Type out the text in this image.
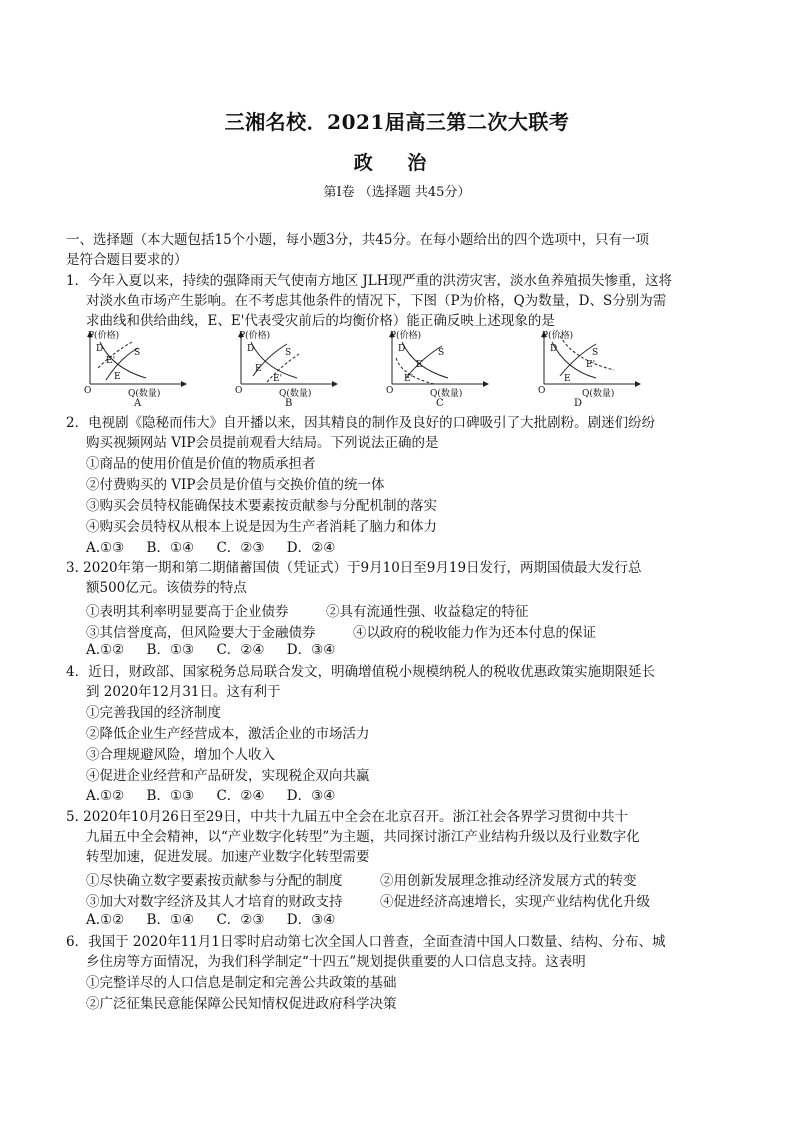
三湘名校．2021届高三第二次大联考
政 治
第Ⅰ卷 （选择题 共45分）
一、选择题（本大题包括15个小题，每小题3分，共45分。在每小题给出的四个选项中，只有一项
是符合题目要求的）
1．今年入夏以来，持续的强降雨天气使南方地区 JLH现严重的洪涝灾害，淡水鱼养殖损失惨重，这将
对淡水鱼市场产生影响。在不考虑其他条件的情况下，下图（P为价格，Q为数量，D、S分别为需
求曲线和供给曲线，E、E'代表受灾前后的均衡价格）能正确反映上述现象的是
P(价格)
D	S
E'
E
O	Q(数量)
A
P(价格)
D	S
E
E'
O	Q(数量)
B
P(价格)
D	S
E
E'
O	Q(数量)
C
D
P(价格)
S
E'
E
O	Q(数量)
D
2．电视剧《隐秘而伟大》自开播以来，因其精良的制作及良好的口碑吸引了大批剧粉。剧迷们纷纷
购买视频网站 VIP会员提前观看大结局。下列说法正确的是
①商品的使用价值是价值的物质承担者
②付费购买的 VIP会员是价值与交换价值的统一体
③购买会员特权能确保技术要素按贡献参与分配机制的落实
④购买会员特权从根本上说是因为生产者消耗了脑力和体力
A.①③ B．①④ C．②③ D．②④
3. 2020年第一期和第二期储蓄国债（凭证式）于9月10日至9月19日发行，两期国债最大发行总
额500亿元。该债券的特点
①表明其利率明显要高于企业债券	②具有流通性强、收益稳定的特征
③其信誉度高，但风险要大于金融债券	④以政府的税收能力作为还本付息的保证
A.①② B．①③ C．②④ D．③④
4．近日，财政部、国家税务总局联合发文，明确增值税小规模纳税人的税收优惠政策实施期限延长
到 2020年12月31日。这有利于
①完善我国的经济制度
②降低企业生产经营成本，激活企业的市场活力
③合理规避风险，增加个人收入
④促进企业经营和产品研发，实现税企双向共赢
A.①② B．①③ C．②④ D．③④
5. 2020年10月26日至29日，中共十九届五中全会在北京召开。浙江社会各界学习贯彻中共十
九届五中全会精神，以“产业数字化转型”为主题，共同探讨浙江产业结构升级以及行业数字化
转型加速，促进发展。加速产业数字化转型需要
①尽快确立数字要素按贡献参与分配的制度	②用创新发展理念推动经济发展方式的转变
③加大对数字经济及其人才培育的财政支持	④促进经济高速增长，实现产业结构优化升级
A.①② B．①④ C．②③ D．③④
6．我国于 2020年11月1日零时启动第七次全国人口普查，全面查清中国人口数量、结构、分布、城
乡住房等方面情况，为我们科学制定“十四五”规划提供重要的人口信息支持。这表明
①完整详尽的人口信息是制定和完善公共政策的基础
②广泛征集民意能保障公民知情权促进政府科学决策
